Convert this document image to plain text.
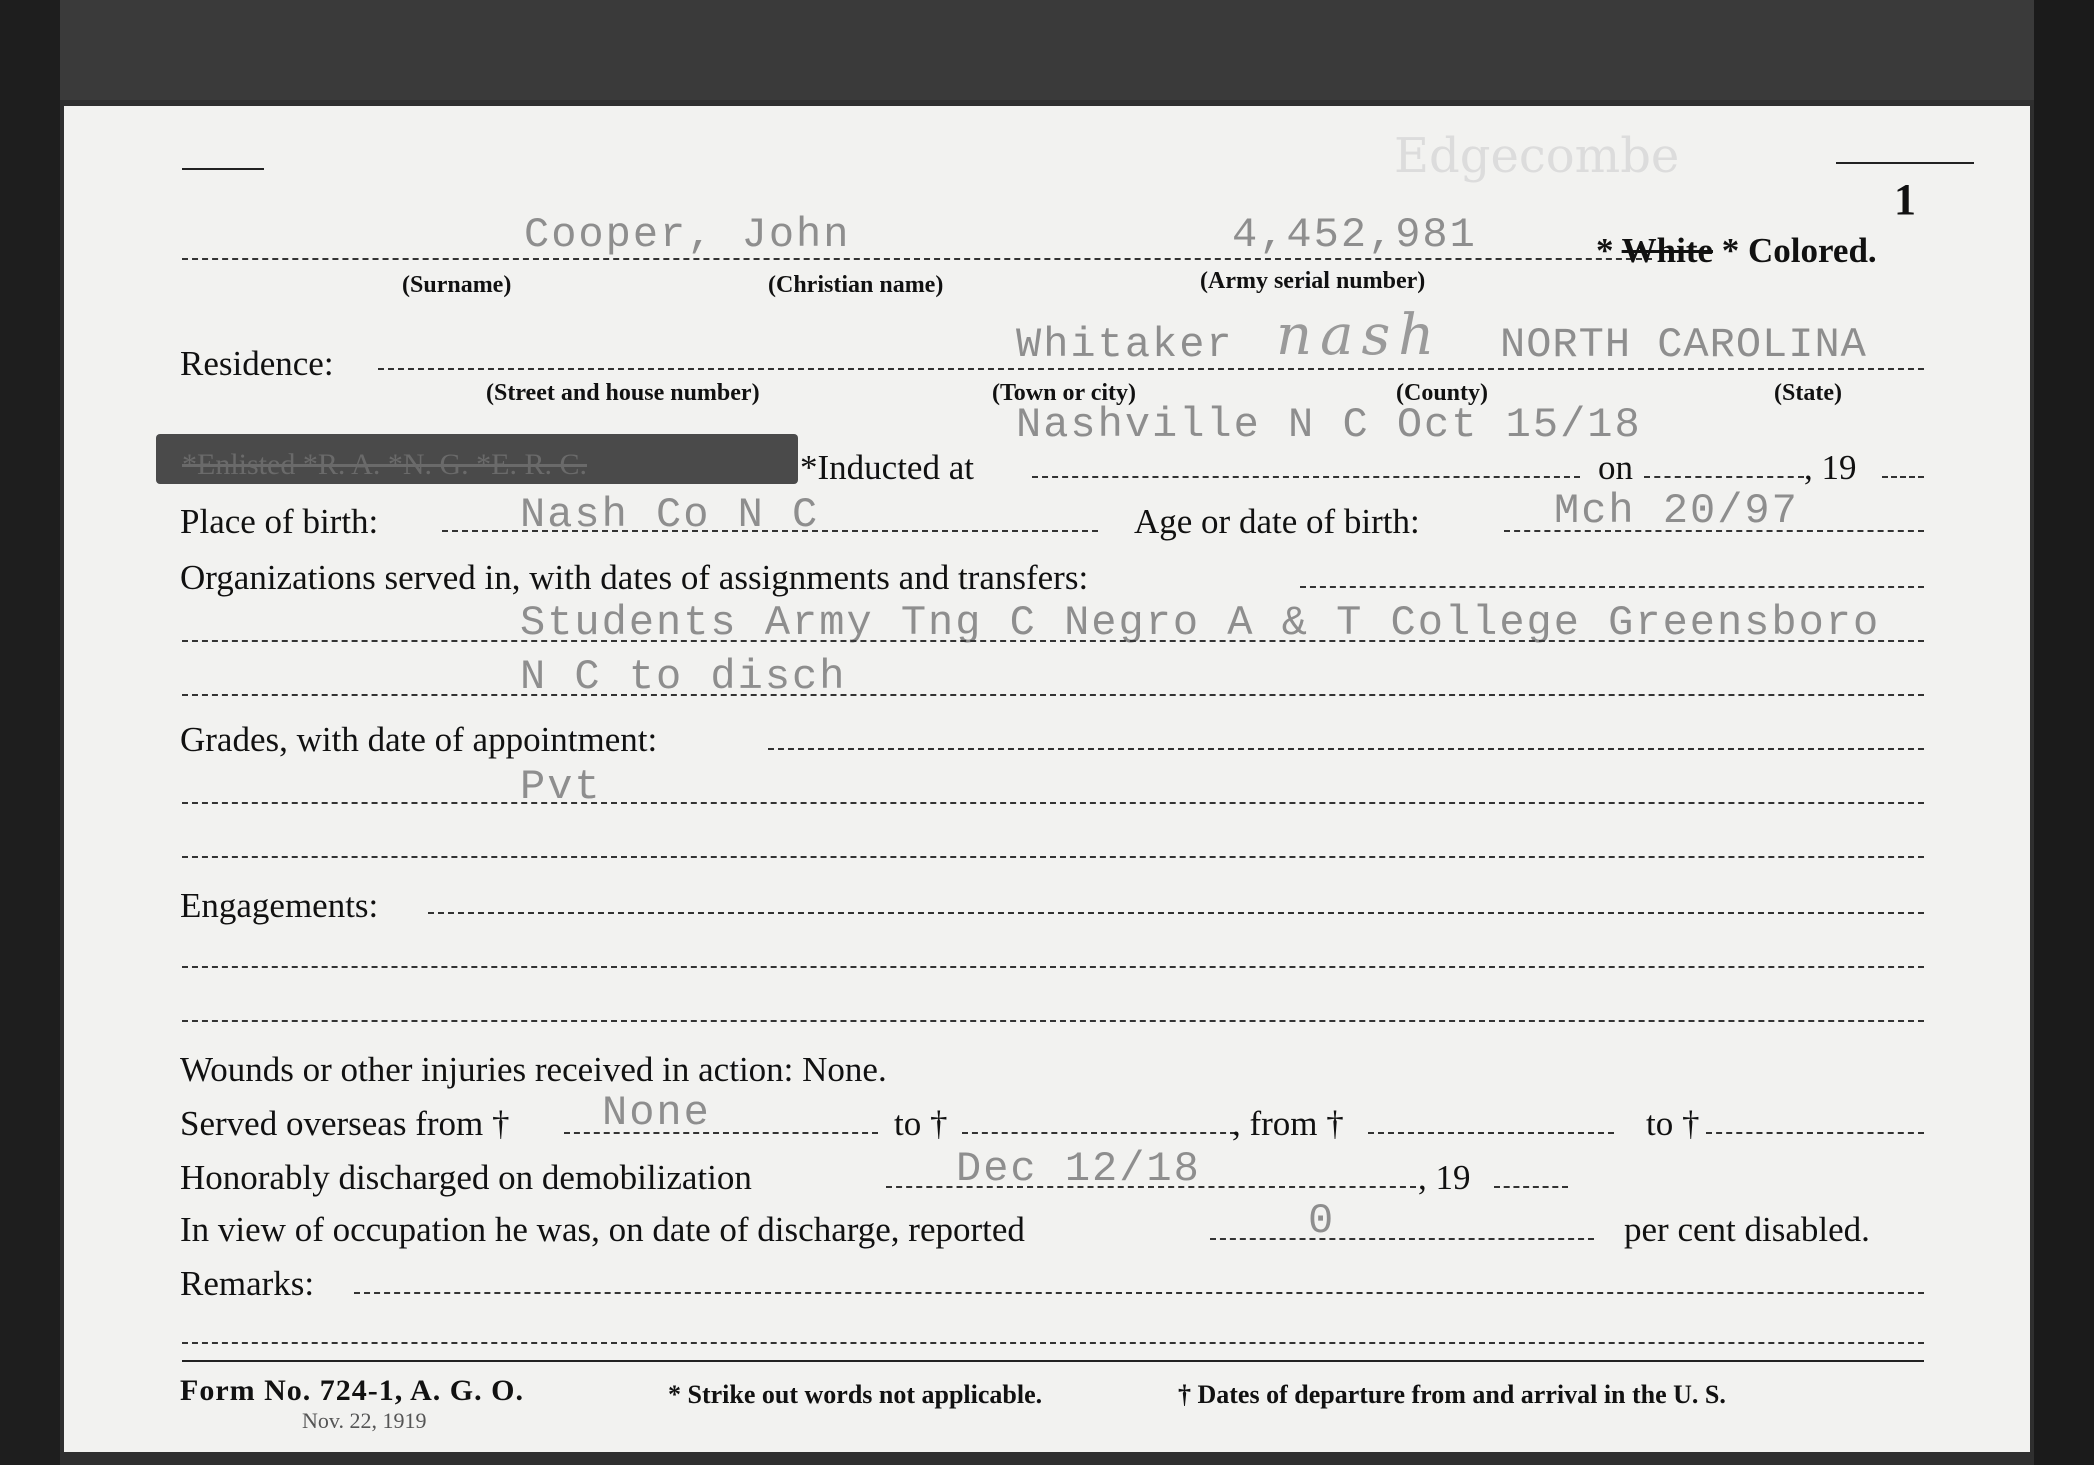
1
Edgecombe
Cooper, John	4,452,981	* White * Colored.
(Surname)	(Christian name)	(Army serial number)
Residence:	Whitaker nash NORTH CAROLINA
(Street and house number)	(Town or city)	(County)	(State)
*Enlisted *R. A. *N. G. *E. R. C.
Nashville N C Oct 15/18
*Inducted at	on	, 19
Place of birth:	Nash Co N C	Age or date of birth:	Mch 20/97
Organizations served in, with dates of assignments and transfers:
Students Army Tng C Negro A & T College Greensboro
N C to disch
Grades, with date of appointment:
Pvt
Engagements:
Wounds or other injuries received in action: None.
Served overseas from † None	to †	, from †	to †
Honorably discharged on demobilization	Dec 12/18	, 19
In view of occupation he was, on date of discharge, reported	0	per cent disabled.
Remarks:
Form No. 724-1, A. G. O.
Nov. 22, 1919
* Strike out words not applicable.	† Dates of departure from and arrival in the U. S.
